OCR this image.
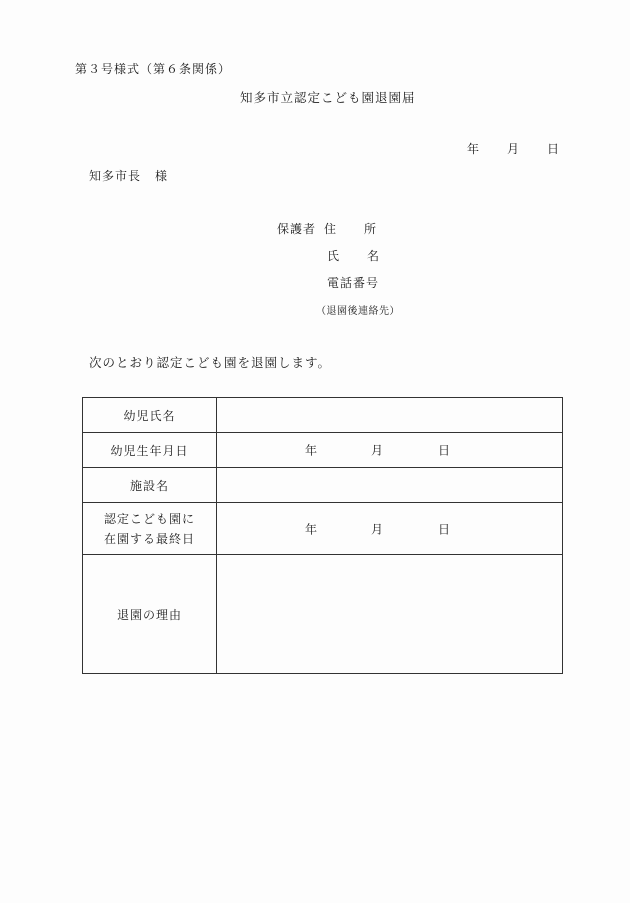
第３号様式（第６条関係）
知多市立認定こども園退園届
年 月 日
知多市長 様
保護者 住 所
氏 名
電話番号
（退園後連絡先）
次のとおり認定こども園を退園します。
幼児氏名	
幼児生年月日	年 月 日

施設名	

認定こども園に
在園する最終日	年 月 日

退園の理由	
